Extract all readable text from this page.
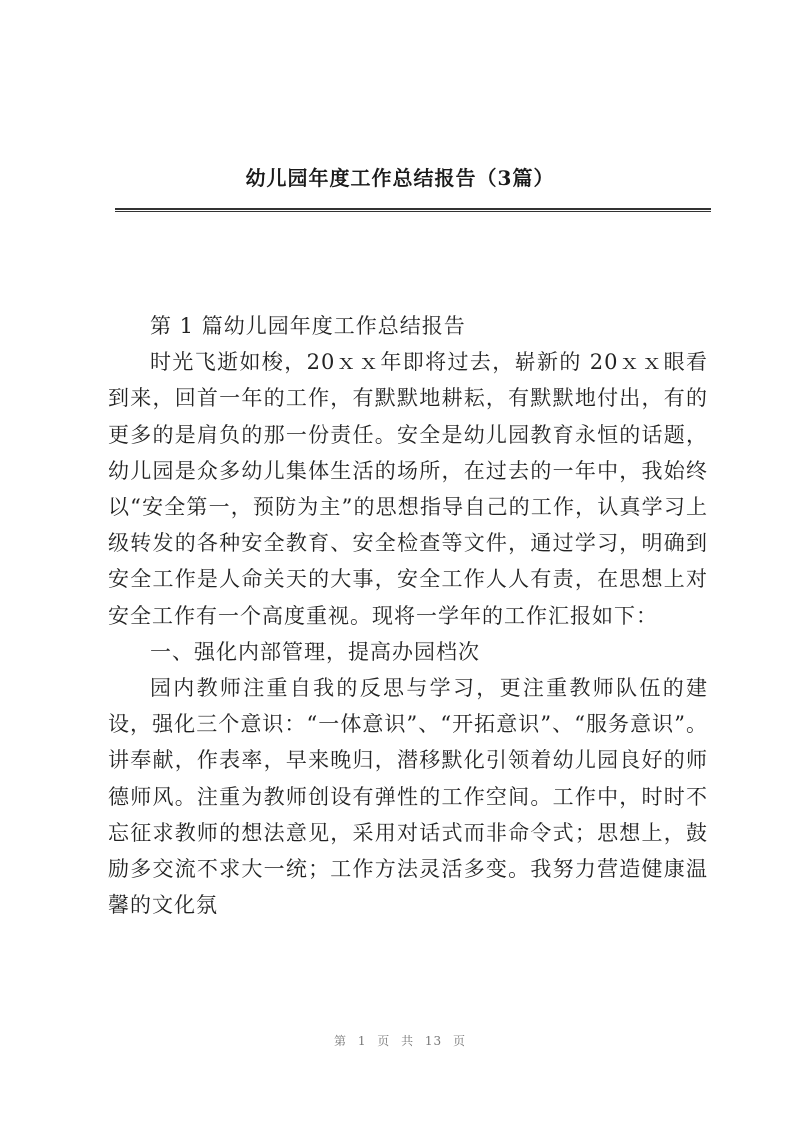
幼儿园年度工作总结报告（3篇）

第 1 篇幼儿园年度工作总结报告

时光飞逝如梭，20ｘｘ年即将过去，崭新的 20ｘｘ眼看到来，回首一年的工作，有默默地耕耘，有默默地付出，有的更多的是肩负的那一份责任。安全是幼儿园教育永恒的话题，幼儿园是众多幼儿集体生活的场所，在过去的一年中，我始终以“安全第一，预防为主”的思想指导自己的工作，认真学习上级转发的各种安全教育、安全检查等文件，通过学习，明确到安全工作是人命关天的大事，安全工作人人有责，在思想上对安全工作有一个高度重视。现将一学年的工作汇报如下：

一、强化内部管理，提高办园档次

园内教师注重自我的反思与学习，更注重教师队伍的建设，强化三个意识：“一体意识”、“开拓意识”、“服务意识”。讲奉献，作表率，早来晚归，潜移默化引领着幼儿园良好的师德师风。注重为教师创设有弹性的工作空间。工作中，时时不忘征求教师的想法意见，采用对话式而非命令式；思想上，鼓励多交流不求大一统；工作方法灵活多变。我努力营造健康温馨的文化氛

第 1 页 共 13 页
